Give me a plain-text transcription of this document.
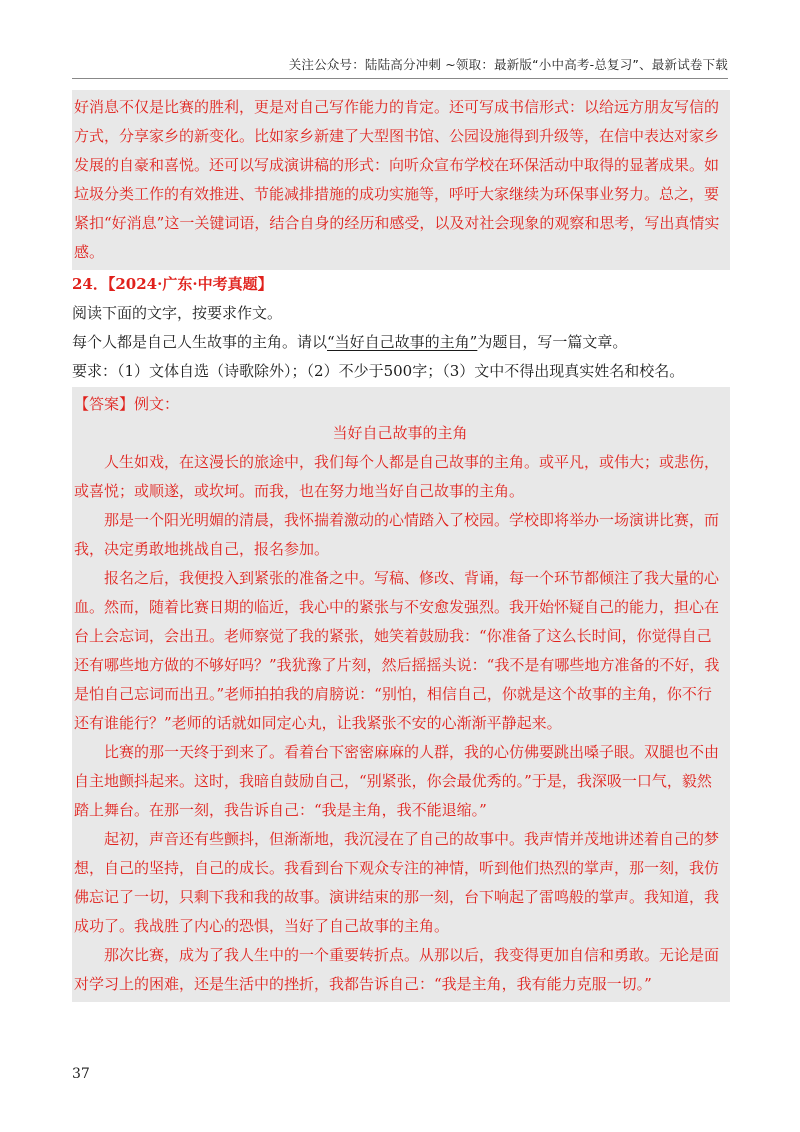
关注公众号：陆陆高分冲刺 ~领取：最新版“小中高考-总复习”、最新试卷下载

好消息不仅是比赛的胜利，更是对自己写作能力的肯定。还可写成书信形式：以给远方朋友写信的方式，分享家乡的新变化。比如家乡新建了大型图书馆、公园设施得到升级等，在信中表达对家乡发展的自豪和喜悦。还可以写成演讲稿的形式：向听众宣布学校在环保活动中取得的显著成果。如垃圾分类工作的有效推进、节能减排措施的成功实施等，呼吁大家继续为环保事业努力。总之，要紧扣“好消息”这一关键词语，结合自身的经历和感受，以及对社会现象的观察和思考，写出真情实感。

24．【2024·广东·中考真题】

阅读下面的文字，按要求作文。

每个人都是自己人生故事的主角。请以“当好自己故事的主角”为题目，写一篇文章。

要求：（1）文体自选（诗歌除外）；（2）不少于500字；（3）文中不得出现真实姓名和校名。

【答案】例文：

当好自己故事的主角

人生如戏，在这漫长的旅途中，我们每个人都是自己故事的主角。或平凡，或伟大；或悲伤，或喜悦；或顺遂，或坎坷。而我，也在努力地当好自己故事的主角。

那是一个阳光明媚的清晨，我怀揣着激动的心情踏入了校园。学校即将举办一场演讲比赛，而我，决定勇敢地挑战自己，报名参加。

报名之后，我便投入到紧张的准备之中。写稿、修改、背诵，每一个环节都倾注了我大量的心血。然而，随着比赛日期的临近，我心中的紧张与不安愈发强烈。我开始怀疑自己的能力，担心在台上会忘词，会出丑。老师察觉了我的紧张，她笑着鼓励我：“你准备了这么长时间，你觉得自己还有哪些地方做的不够好吗？”我犹豫了片刻，然后摇摇头说：“我不是有哪些地方准备的不好，我是怕自己忘词而出丑。”老师拍拍我的肩膀说：“别怕，相信自己，你就是这个故事的主角，你不行还有谁能行？”老师的话就如同定心丸，让我紧张不安的心渐渐平静起来。

比赛的那一天终于到来了。看着台下密密麻麻的人群，我的心仿佛要跳出嗓子眼。双腿也不由自主地颤抖起来。这时，我暗自鼓励自己，“别紧张，你会最优秀的。”于是，我深吸一口气，毅然踏上舞台。在那一刻，我告诉自己：“我是主角，我不能退缩。”

起初，声音还有些颤抖，但渐渐地，我沉浸在了自己的故事中。我声情并茂地讲述着自己的梦想，自己的坚持，自己的成长。我看到台下观众专注的神情，听到他们热烈的掌声，那一刻，我仿佛忘记了一切，只剩下我和我的故事。演讲结束的那一刻，台下响起了雷鸣般的掌声。我知道，我成功了。我战胜了内心的恐惧，当好了自己故事的主角。

那次比赛，成为了我人生中的一个重要转折点。从那以后，我变得更加自信和勇敢。无论是面对学习上的困难，还是生活中的挫折，我都告诉自己：“我是主角，我有能力克服一切。”

37
